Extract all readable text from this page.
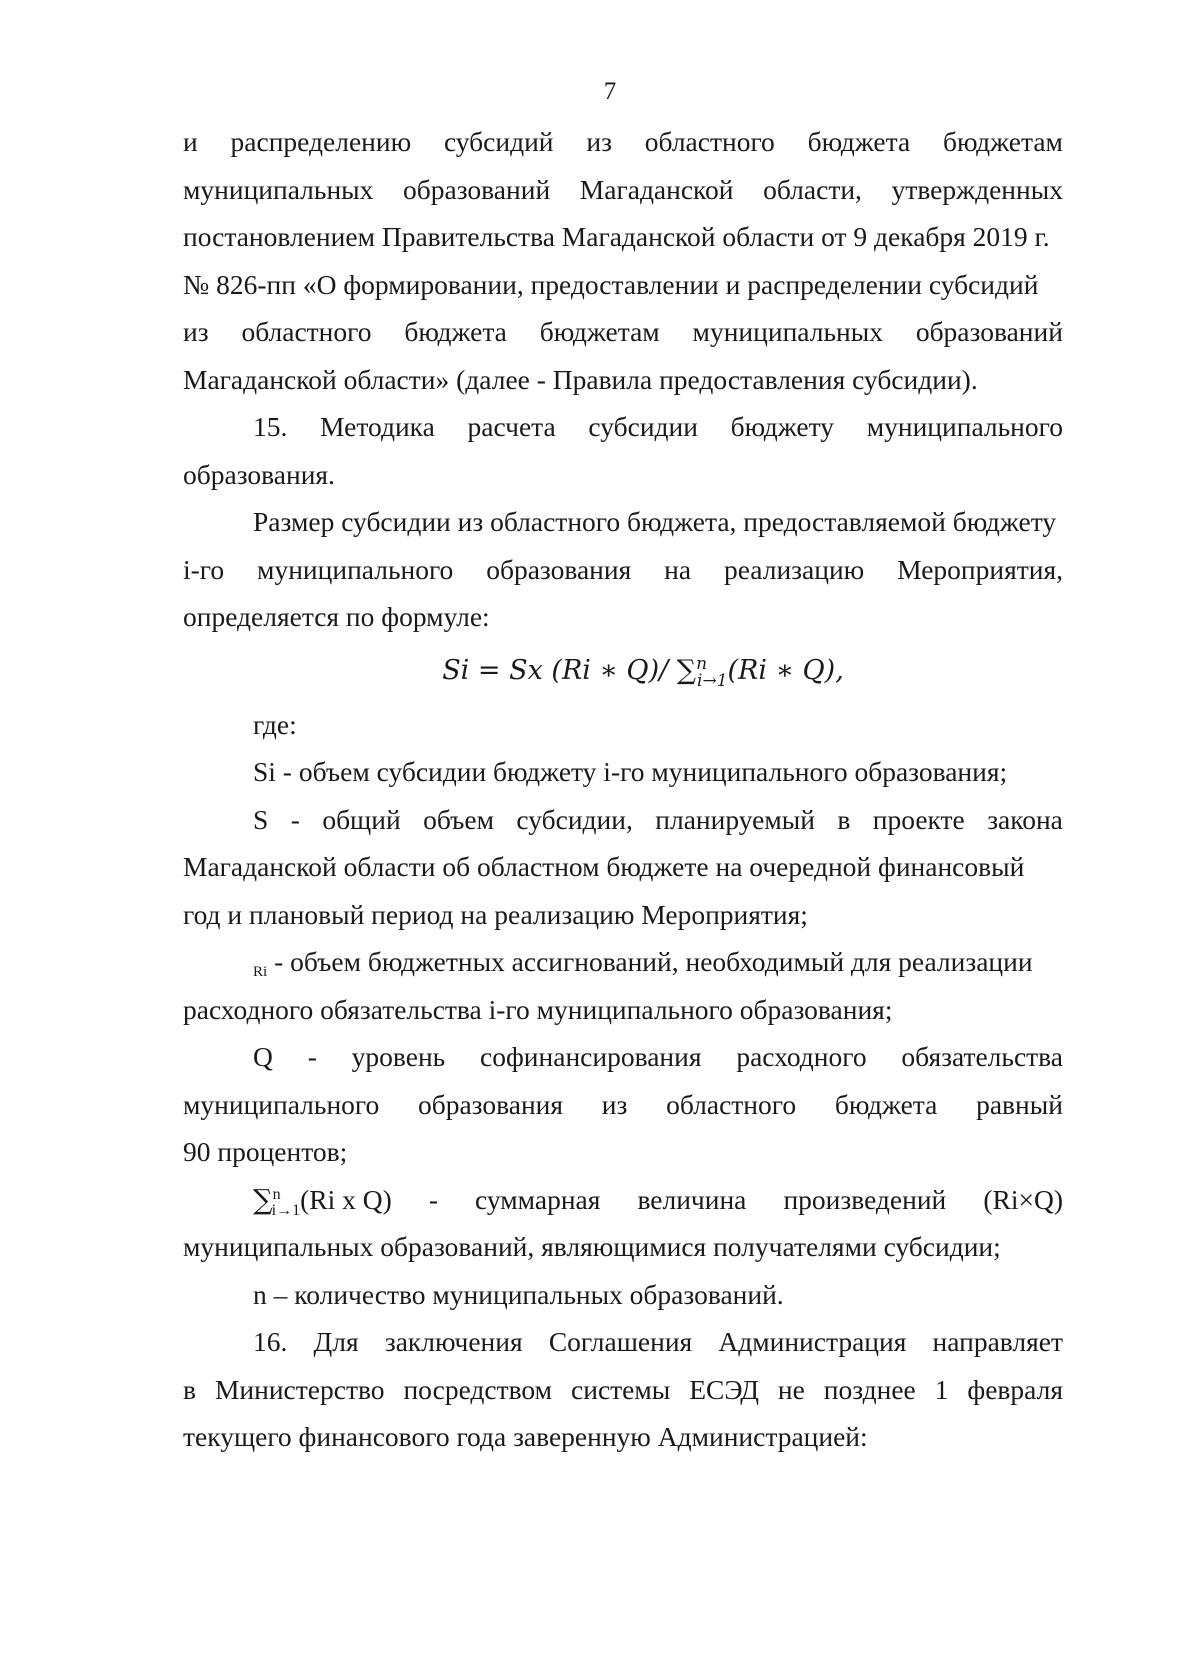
7
и распределению субсидий из областного бюджета бюджетам
муниципальных образований Магаданской области, утвержденных
постановлением Правительства Магаданской области от 9 декабря 2019 г.
№ 826-пп «О формировании, предоставлении и распределении субсидий
из областного бюджета бюджетам муниципальных образований
Магаданской области» (далее - Правила предоставления субсидии).
15. Методика расчета субсидии бюджету муниципального
образования.
Размер субсидии из областного бюджета, предоставляемой бюджету
i-го муниципального образования на реализацию Мероприятия,
определяется по формуле:
Si = Sx (Ri ∗ Q)/ ∑$^n_{i\to 1}$(Ri ∗ Q),
где:
Si - объем субсидии бюджету i-го муниципального образования;
S - общий объем субсидии, планируемый в проекте закона
Магаданской области об областном бюджете на очередной финансовый
год и плановый период на реализацию Мероприятия;
Ri - объем бюджетных ассигнований, необходимый для реализации
расходного обязательства i-го муниципального образования;
Q - уровень софинансирования расходного обязательства
муниципального образования из областного бюджета равный
90 процентов;
∑ni→1(Ri x Q) - суммарная величина произведений (Ri×Q)
муниципальных образований, являющимися получателями субсидии;
n – количество муниципальных образований.
16. Для заключения Соглашения Администрация направляет
в Министерство посредством системы ЕСЭД не позднее 1 февраля
текущего финансового года заверенную Администрацией:
